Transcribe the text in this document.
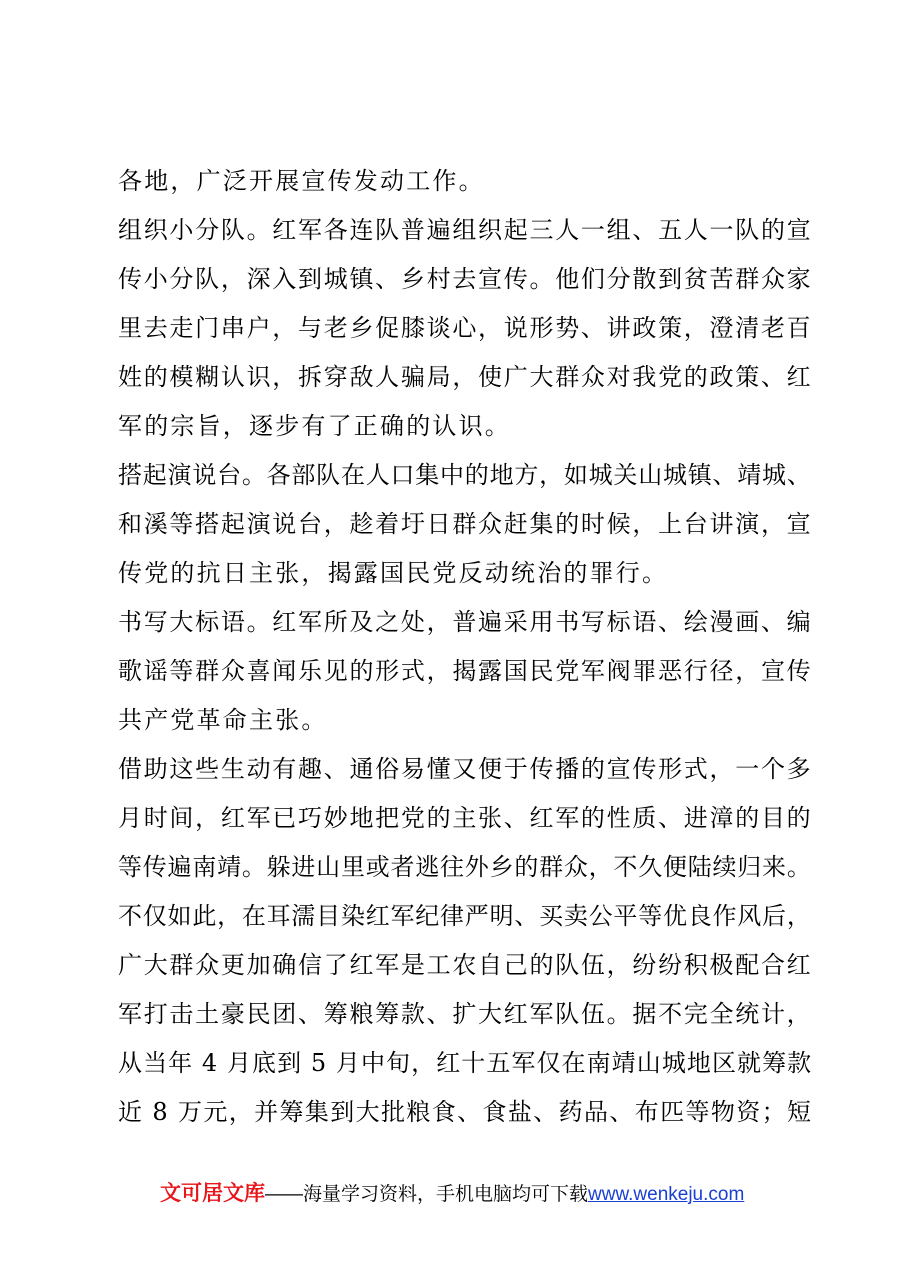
各地，广泛开展宣传发动工作。
组织小分队。红军各连队普遍组织起三人一组、五人一队的宣
传小分队，深入到城镇、乡村去宣传。他们分散到贫苦群众家
里去走门串户，与老乡促膝谈心，说形势、讲政策，澄清老百
姓的模糊认识，拆穿敌人骗局，使广大群众对我党的政策、红
军的宗旨，逐步有了正确的认识。
搭起演说台。各部队在人口集中的地方，如城关山城镇、靖城、
和溪等搭起演说台，趁着圩日群众赶集的时候，上台讲演，宣
传党的抗日主张，揭露国民党反动统治的罪行。
书写大标语。红军所及之处，普遍采用书写标语、绘漫画、编
歌谣等群众喜闻乐见的形式，揭露国民党军阀罪恶行径，宣传
共产党革命主张。
借助这些生动有趣、通俗易懂又便于传播的宣传形式，一个多
月时间，红军已巧妙地把党的主张、红军的性质、进漳的目的
等传遍南靖。躲进山里或者逃往外乡的群众，不久便陆续归来。
不仅如此，在耳濡目染红军纪律严明、买卖公平等优良作风后，
广大群众更加确信了红军是工农自己的队伍，纷纷积极配合红
军打击土豪民团、筹粮筹款、扩大红军队伍。据不完全统计，
从当年 4 月底到 5 月中旬，红十五军仅在南靖山城地区就筹款
近 8 万元，并筹集到大批粮食、食盐、药品、布匹等物资；短
文可居文库——海量学习资料，手机电脑均可下载www.wenkeju.com
